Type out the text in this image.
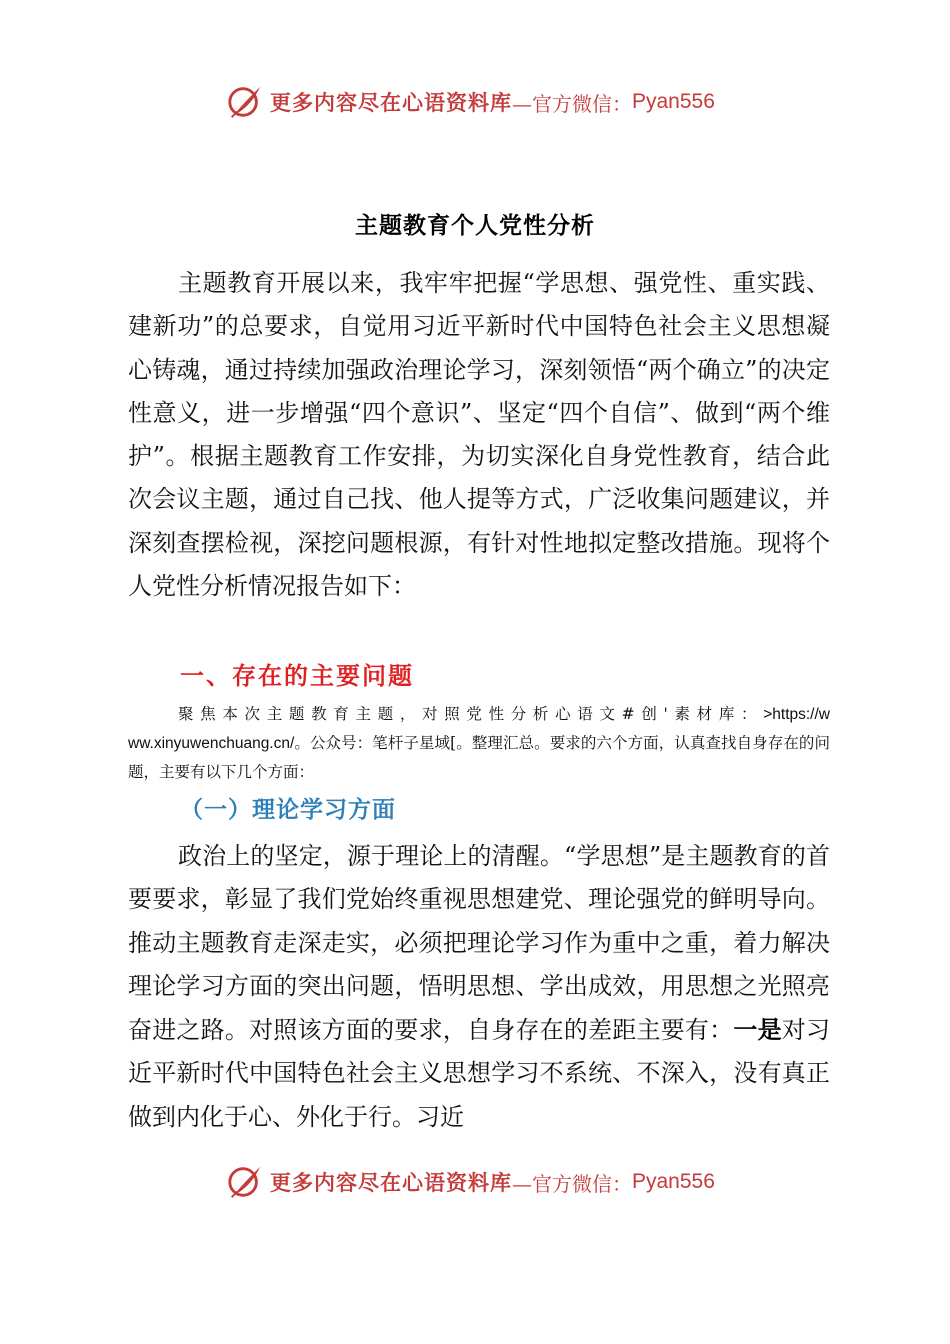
更多内容尽在心语资料库 —官方微信： Pyan556
主题教育个人党性分析

主题教育开展以来，我牢牢把握“学思想、强党性、重实践、建新功”的总要求，自觉用习近平新时代中国特色社会主义思想凝心铸魂，通过持续加强政治理论学习，深刻领悟“两个确立”的决定性意义，进一步增强“四个意识”、坚定“四个自信”、做到“两个维护”。根据主题教育工作安排，为切实深化自身党性教育，结合此次会议主题，通过自己找、他人提等方式，广泛收集问题建议，并深刻查摆检视，深挖问题根源，有针对性地拟定整改措施。现将个人党性分析情况报告如下：

一、存在的主要问题

聚焦本次主题教育主题，对照党性分析心语文#创'素材库：>https://www.xinyuwenchuang.cn/。公众号：笔杆子星域[。整理汇总。要求的六个方面，认真查找自身存在的问题，主要有以下几个方面：

（一）理论学习方面

政治上的坚定，源于理论上的清醒。“学思想”是主题教育的首要要求，彰显了我们党始终重视思想建党、理论强党的鲜明导向。推动主题教育走深走实，必须把理论学习作为重中之重，着力解决理论学习方面的突出问题，悟明思想、学出成效，用思想之光照亮奋进之路。对照该方面的要求，自身存在的差距主要有：一是对习近平新时代中国特色社会主义思想学习不系统、不深入，没有真正做到内化于心、外化于行。习近

更多内容尽在心语资料库 —官方微信： Pyan556
